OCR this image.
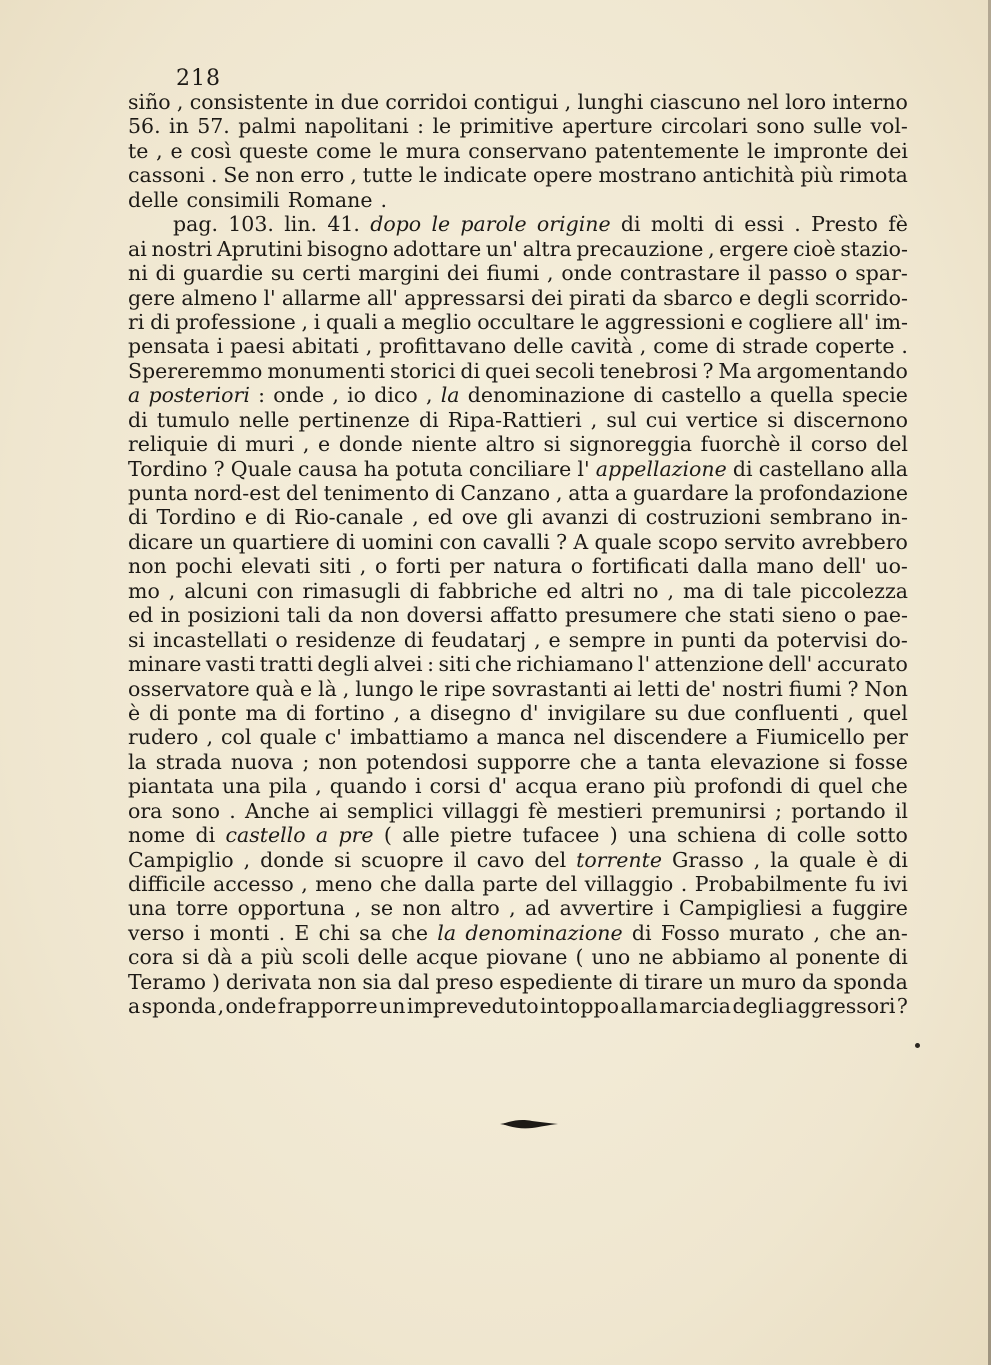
218
siño , consistente in due corridoi contigui , lunghi ciascuno nel loro interno
56. in 57. palmi napolitani : le primitive aperture circolari sono sulle vol-
te , e così queste come le mura conservano patentemente le impronte dei
cassoni . Se non erro , tutte le indicate opere mostrano antichità più rimota
delle consimili Romane .
pag. 103. lin. 41. dopo le parole origine di molti di essi . Presto fè
ai nostri Aprutini bisogno adottare un' altra precauzione , ergere cioè stazio-
ni di guardie su certi margini dei fiumi , onde contrastare il passo o spar-
gere almeno l' allarme all' appressarsi dei pirati da sbarco e degli scorrido-
ri di professione , i quali a meglio occultare le aggressioni e cogliere all' im-
pensata i paesi abitati , profittavano delle cavità , come di strade coperte .
Spereremmo monumenti storici di quei secoli tenebrosi ? Ma argomentando
a posteriori : onde , io dico , la denominazione di castello a quella specie
di tumulo nelle pertinenze di Ripa-Rattieri , sul cui vertice si discernono
reliquie di muri , e donde niente altro si signoreggia fuorchè il corso del
Tordino ? Quale causa ha potuta conciliare l' appellazione di castellano alla
punta nord-est del tenimento di Canzano , atta a guardare la profondazione
di Tordino e di Rio-canale , ed ove gli avanzi di costruzioni sembrano in-
dicare un quartiere di uomini con cavalli ? A quale scopo servito avrebbero
non pochi elevati siti , o forti per natura o fortificati dalla mano dell' uo-
mo , alcuni con rimasugli di fabbriche ed altri no , ma di tale piccolezza
ed in posizioni tali da non doversi affatto presumere che stati sieno o pae-
si incastellati o residenze di feudatarj , e sempre in punti da potervisi do-
minare vasti tratti degli alvei : siti che richiamano l' attenzione dell' accurato
osservatore quà e là , lungo le ripe sovrastanti ai letti de' nostri fiumi ? Non
è di ponte ma di fortino , a disegno d' invigilare su due confluenti , quel
rudero , col quale c' imbattiamo a manca nel discendere a Fiumicello per
la strada nuova ; non potendosi supporre che a tanta elevazione si fosse
piantata una pila , quando i corsi d' acqua erano più profondi di quel che
ora sono . Anche ai semplici villaggi fè mestieri premunirsi ; portando il
nome di castello a pre ( alle pietre tufacee ) una schiena di colle sotto
Campiglio , donde si scuopre il cavo del torrente Grasso , la quale è di
difficile accesso , meno che dalla parte del villaggio . Probabilmente fu ivi
una torre opportuna , se non altro , ad avvertire i Campigliesi a fuggire
verso i monti . E chi sa che la denominazione di Fosso murato , che an-
cora si dà a più scoli delle acque piovane ( uno ne abbiamo al ponente di
Teramo ) derivata non sia dal preso espediente di tirare un muro da sponda
a sponda , onde frapporre un impreveduto intoppo alla marcia degli aggressori ?
